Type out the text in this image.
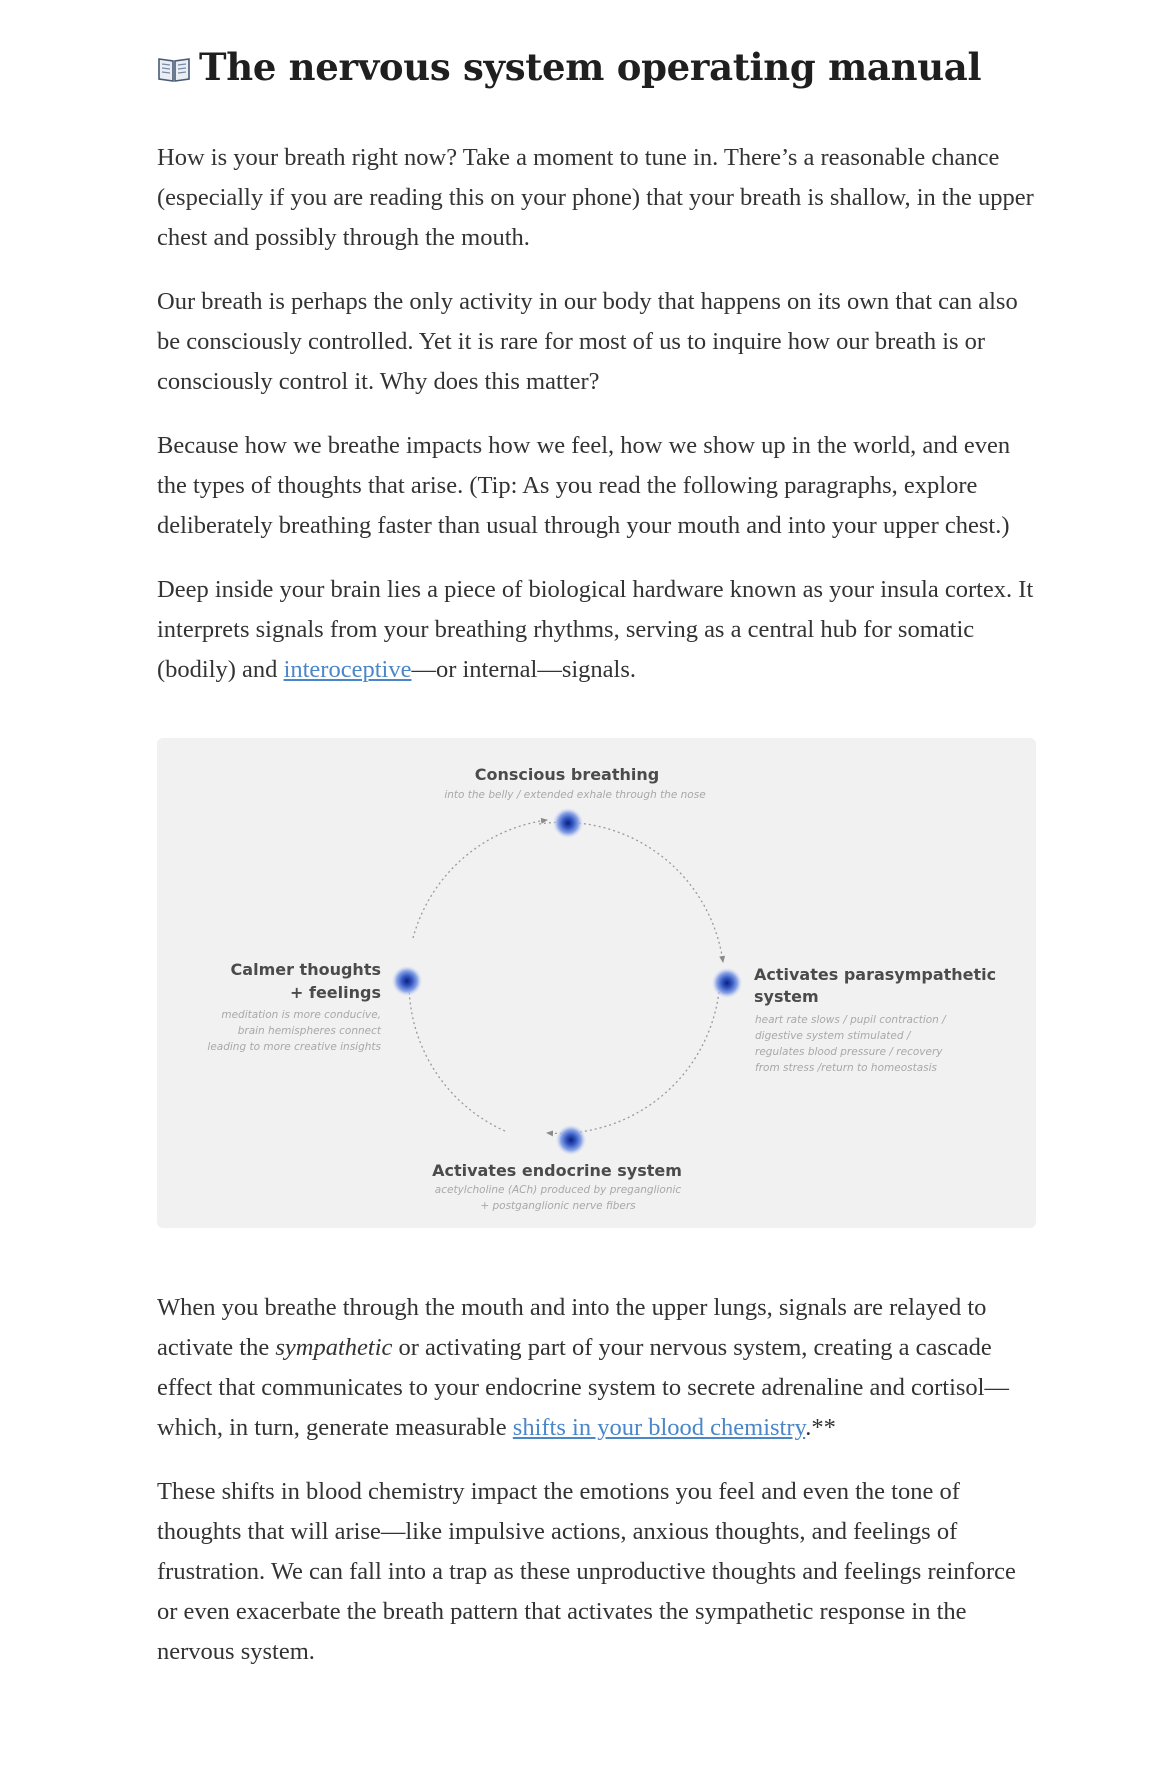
The nervous system operating manual

How is your breath right now? Take a moment to tune in. There’s a reasonable chance (especially if you are reading this on your phone) that your breath is shallow, in the upper chest and possibly through the mouth.

Our breath is perhaps the only activity in our body that happens on its own that can also be consciously controlled. Yet it is rare for most of us to inquire how our breath is or consciously control it. Why does this matter?

Because how we breathe impacts how we feel, how we show up in the world, and even the types of thoughts that arise. (Tip: As you read the following paragraphs, explore deliberately breathing faster than usual through your mouth and into your upper chest.)

Deep inside your brain lies a piece of biological hardware known as your insula cortex. It interprets signals from your breathing rhythms, serving as a central hub for somatic (bodily) and interoceptive—or internal—signals.

Conscious breathing
into the belly / extended exhale through the nose
Activates parasympathetic
system
heart rate slows / pupil contraction /
digestive system stimulated /
regulates blood pressure / recovery
from stress /return to homeostasis
Activates endocrine system
acetylcholine (ACh) produced by preganglionic
+ postganglionic nerve fibers
Calmer thoughts
+ feelings
meditation is more conducive,
brain hemispheres connect
leading to more creative insights

When you breathe through the mouth and into the upper lungs, signals are relayed to activate the sympathetic or activating part of your nervous system, creating a cascade effect that communicates to your endocrine system to secrete adrenaline and cortisol—which, in turn, generate measurable shifts in your blood chemistry.**

These shifts in blood chemistry impact the emotions you feel and even the tone of thoughts that will arise—like impulsive actions, anxious thoughts, and feelings of frustration. We can fall into a trap as these unproductive thoughts and feelings reinforce or even exacerbate the breath pattern that activates the sympathetic response in the nervous system.
